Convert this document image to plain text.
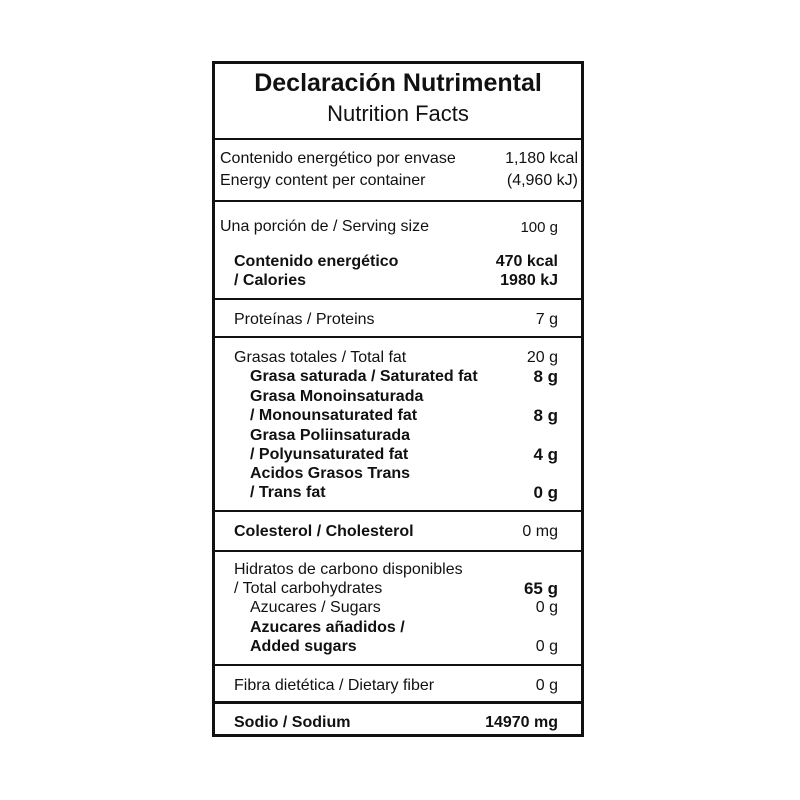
Declaración Nutrimental
Nutrition Facts
Contenido energético por envase	1,180 kcal
Energy content per container	(4,960 kJ)
Una porción de / Serving size	100 g
Contenido energético	470 kcal
/ Calories	1980 kJ
Proteínas / Proteins	7 g
Grasas totales / Total fat	20 g
Grasa saturada / Saturated fat	8 g
Grasa Monoinsaturada
/ Monounsaturated fat	8 g
Grasa Poliinsaturada
/ Polyunsaturated fat	4 g
Acidos Grasos Trans
/ Trans fat	0 g
Colesterol / Cholesterol	0 mg
Hidratos de carbono disponibles
/ Total carbohydrates	65 g
Azucares / Sugars	0 g
Azucares añadidos /
Added sugars	0 g
Fibra dietética / Dietary fiber	0 g
Sodio / Sodium	14970 mg
